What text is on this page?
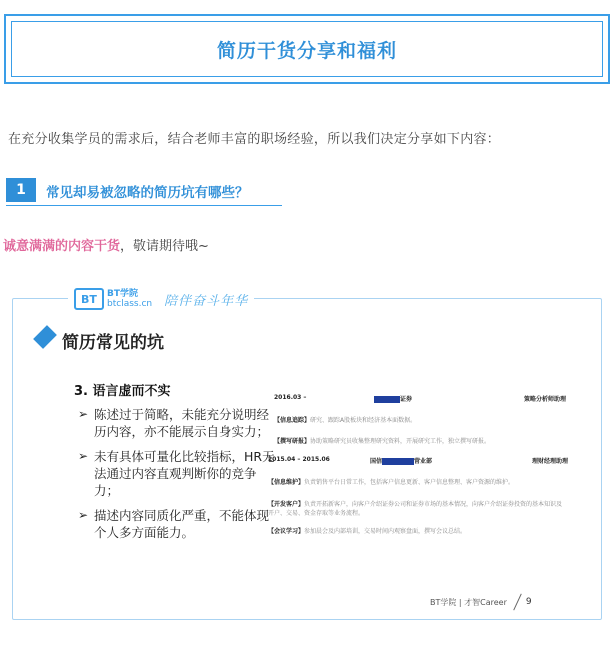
简历干货分享和福利

在充分收集学员的需求后，结合老师丰富的职场经验，所以我们决定分享如下内容：

1	常见却易被忽略的简历坑有哪些？

诚意满满的内容干货，敬请期待哦~

BT	BT学院
btclass.cn 陪伴奋斗年华
简历常见的坑
3. 语言虚而不实
➢ 陈述过于简略，未能充分说明经历内容，亦不能展示自身实力；
➢ 未有具体可量化比较指标，HR无法通过内容直观判断你的竞争力；
➢ 描述内容同质化严重，不能体现个人多方面能力。
2016.03 –	证券	策略分析师助理
【信息追踪】研究、跟踪A股板块和经济基本面数据。
【撰写研报】协助策略研究员收集整理研究资料，开展研究工作，独立撰写研报。
2015.04 – 2015.06	国信	营业部	理财经理助理
【信息维护】负责销售平台日常工作，包括客户信息更新、客户信息整理、客户资源的维护。
【开发客户】负责开拓新客户，向客户介绍证券公司和证券市场的基本情况，向客户介绍证券投资的基本知识及开户、交易、资金存取等业务流程。
【会议学习】参加晨会及内部培训，交易时间内观察盘面，撰写会议总结。
BT学院 | 才智Career 9
